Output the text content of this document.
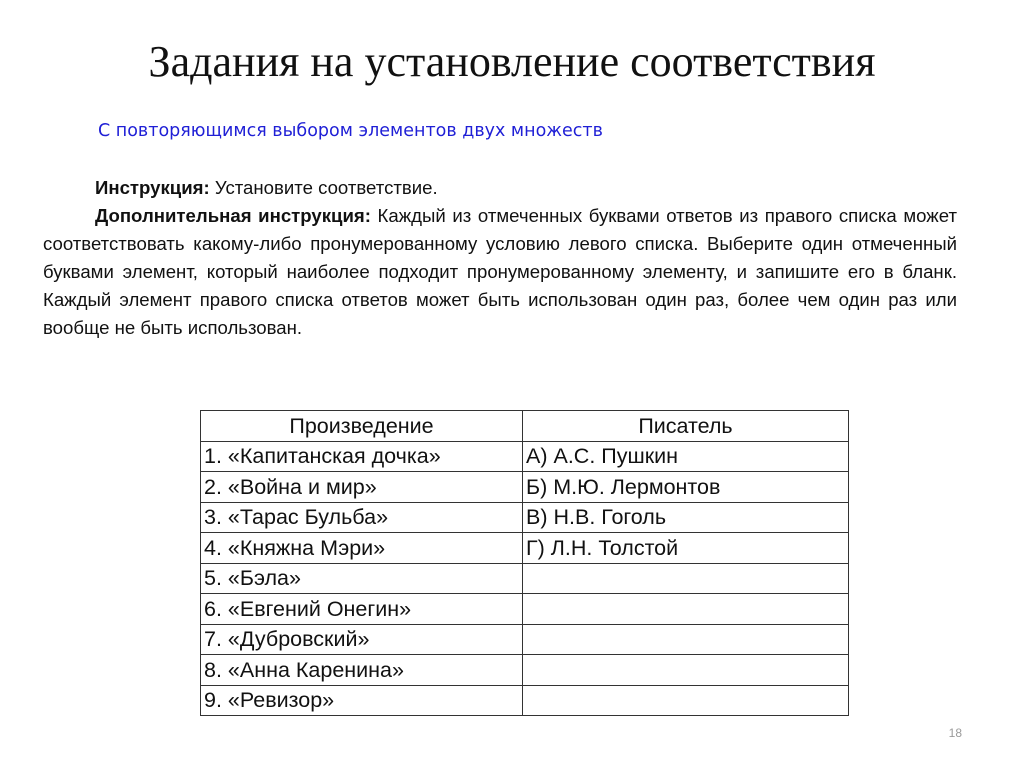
Задания на установление соответствия
С повторяющимся выбором элементов двух множеств

Инструкция: Установите соответствие.

Дополнительная инструкция: Каждый из отмеченных буквами ответов из правого списка может соответствовать какому-либо пронумерованному условию левого списка. Выберите один отмеченный буквами элемент, который наиболее подходит пронумерованному элементу, и запишите его в бланк. Каждый элемент правого списка ответов может быть использован один раз, более чем один раз или вообще не быть использован.

Произведение	Писатель
1. «Капитанская дочка»	А) А.С. Пушкин
2. «Война и мир»	Б) М.Ю. Лермонтов
3. «Тарас Бульба»	В) Н.В. Гоголь
4. «Княжна Мэри»	Г) Л.Н. Толстой
5. «Бэла»	
6. «Евгений Онегин»	
7. «Дубровский»	
8. «Анна Каренина»	
9. «Ревизор»	
18
